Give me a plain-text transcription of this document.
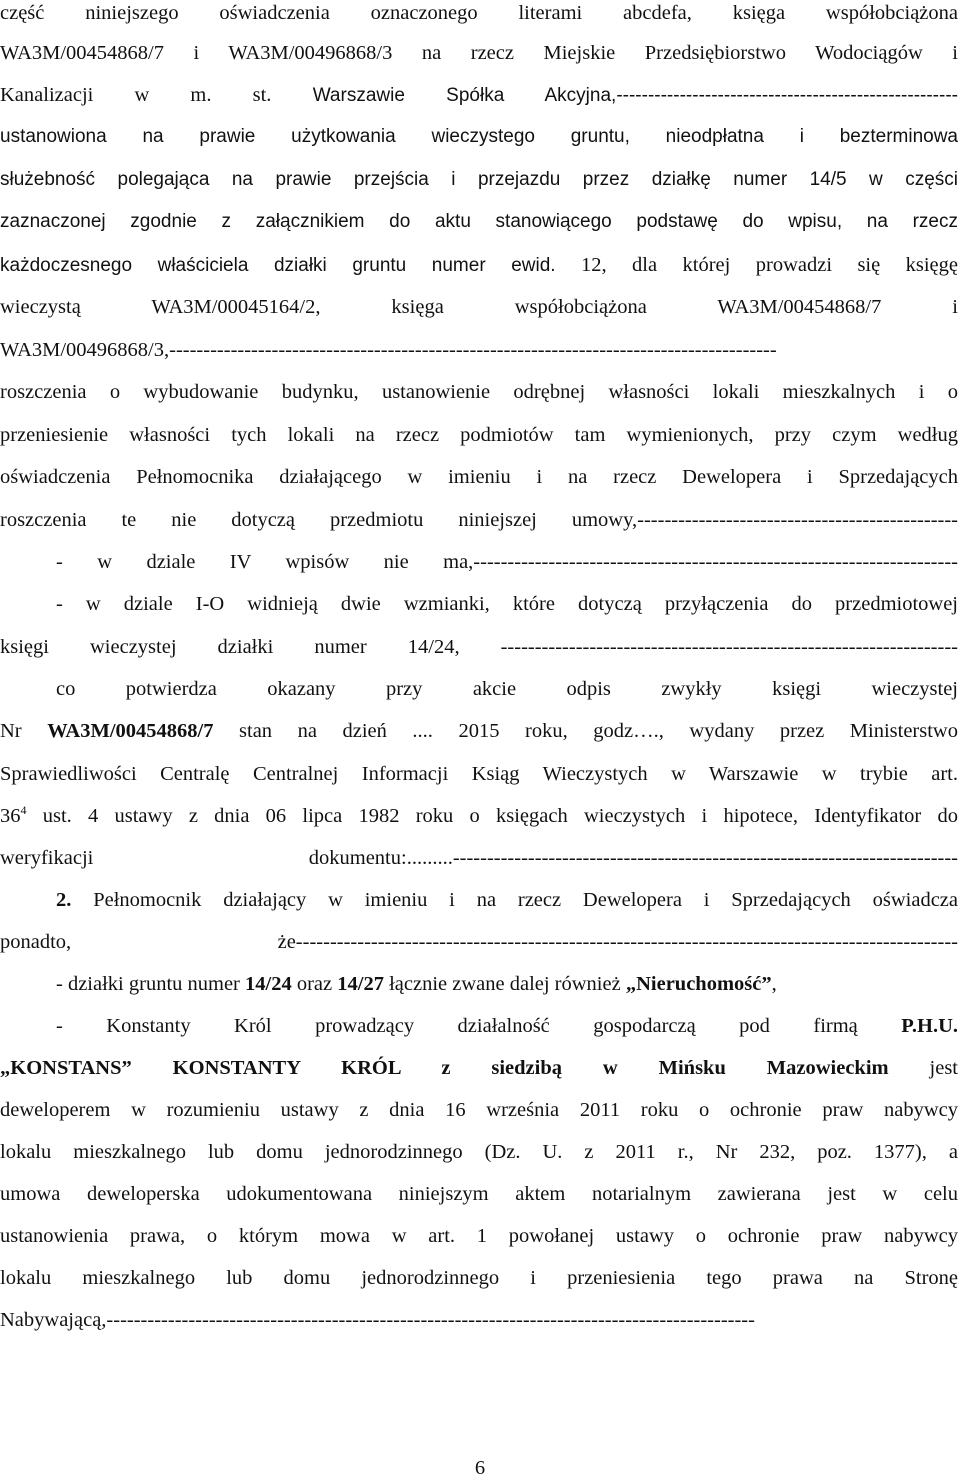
część niniejszego oświadczenia oznaczonego literami abcdefa, księga współobciążona
WA3M/00454868/7 i WA3M/00496868/3 na rzecz Miejskie Przedsiębiorstwo Wodociągów i
Kanalizacji w m. st. Warszawie Spółka Akcyjna,------------------------------------------------------
ustanowiona na prawie użytkowania wieczystego gruntu, nieodpłatna i bezterminowa
służebność polegająca na prawie przejścia i przejazdu przez działkę numer 14/5 w części
zaznaczonej zgodnie z załącznikiem do aktu stanowiącego podstawę do wpisu, na rzecz
każdoczesnego właściciela działki gruntu numer ewid. 12, dla której prowadzi się księgę
wieczystą WA3M/00045164/2, księga współobciążona WA3M/00454868/7 i
WA3M/00496868/3,-----------------------------------------------------------------------------------------
roszczenia o wybudowanie budynku, ustanowienie odrębnej własności lokali mieszkalnych i o
przeniesienie własności tych lokali na rzecz podmiotów tam wymienionych, przy czym według
oświadczenia Pełnomocnika działającego w imieniu i na rzecz Dewelopera i Sprzedających
roszczenia te nie dotyczą przedmiotu niniejszej umowy,-----------------------------------------------
- w dziale IV wpisów nie ma,-----------------------------------------------------------------------
- w dziale I-O widnieją dwie wzmianki, które dotyczą przyłączenia do przedmiotowej
księgi wieczystej działki numer 14/24, -------------------------------------------------------------------
co potwierdza okazany przy akcie odpis zwykły księgi wieczystej
Nr WA3M/00454868/7 stan na dzień .... 2015 roku, godz…., wydany przez Ministerstwo
Sprawiedliwości Centralę Centralnej Informacji Ksiąg Wieczystych w Warszawie w trybie art.
$36^4$ ust. 4 ustawy z dnia 06 lipca 1982 roku o księgach wieczystych i hipotece, Identyfikator do
weryfikacji dokumentu:.........--------------------------------------------------------------------------
2. Pełnomocnik działający w imieniu i na rzecz Dewelopera i Sprzedających oświadcza
ponadto, że-------------------------------------------------------------------------------------------------
- działki gruntu numer 14/24 oraz 14/27 łącznie zwane dalej również „Nieruchomość”,
- Konstanty Król prowadzący działalność gospodarczą pod firmą P.H.U.
„KONSTANS” KONSTANTY KRÓL z siedzibą w Mińsku Mazowieckim jest
deweloperem w rozumieniu ustawy z dnia 16 września 2011 roku o ochronie praw nabywcy
lokalu mieszkalnego lub domu jednorodzinnego (Dz. U. z 2011 r., Nr 232, poz. 1377), a
umowa deweloperska udokumentowana niniejszym aktem notarialnym zawierana jest w celu
ustanowienia prawa, o którym mowa w art. 1 powołanej ustawy o ochronie praw nabywcy
lokalu mieszkalnego lub domu jednorodzinnego i przeniesienia tego prawa na Stronę
Nabywającą,-----------------------------------------------------------------------------------------------
6
